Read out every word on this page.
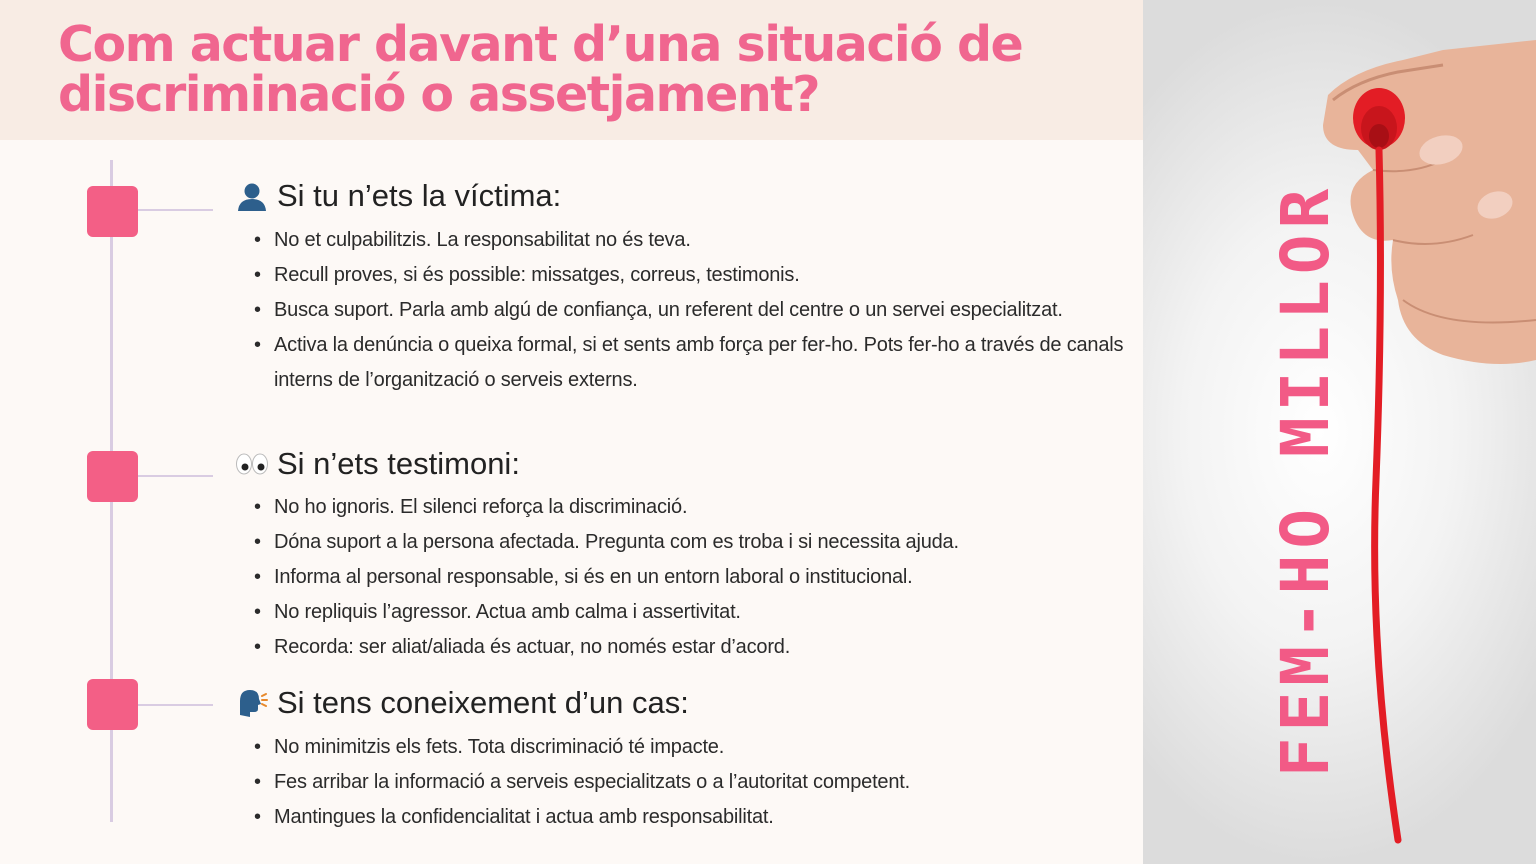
Com actuar davant d’una situació de
discriminació o assetjament?
Si tu n’ets la víctima:
• No et culpabilitzis. La responsabilitat no és teva.
• Recull proves, si és possible: missatges, correus, testimonis.
• Busca suport. Parla amb algú de confiança, un referent del centre o un servei especialitzat.
• Activa la denúncia o queixa formal, si et sents amb força per fer-ho. Pots fer-ho a través de canals interns de l’organització o serveis externs.
Si n’ets testimoni:
• No ho ignoris. El silenci reforça la discriminació.
• Dóna suport a la persona afectada. Pregunta com es troba i si necessita ajuda.
• Informa al personal responsable, si és en un entorn laboral o institucional.
• No repliquis l’agressor. Actua amb calma i assertivitat.
• Recorda: ser aliat/aliada és actuar, no només estar d’acord.
Si tens coneixement d’un cas:
• No minimitzis els fets. Tota discriminació té impacte.
• Fes arribar la informació a serveis especialitzats o a l’autoritat competent.
• Mantingues la confidencialitat i actua amb responsabilitat.
FEM-HO MILLOR
